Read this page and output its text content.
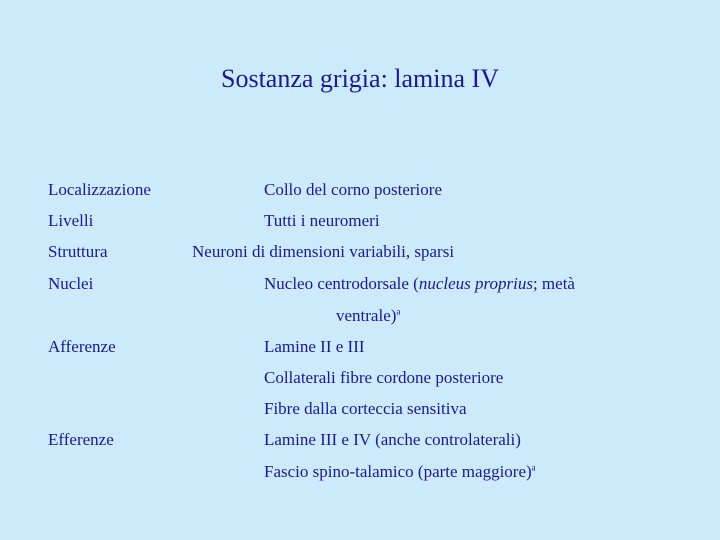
Sostanza grigia: lamina IV
Localizzazione	Collo del corno posteriore
Livelli	Tutti i neuromeri
Struttura	Neuroni di dimensioni variabili, sparsi
Nuclei	Nucleo centrodorsale (nucleus proprius; metà
ventrale)$^a$
Afferenze	Lamine II e III
Collaterali fibre cordone posteriore
Fibre dalla corteccia sensitiva
Efferenze	Lamine III e IV (anche controlaterali)
Fascio spino-talamico (parte maggiore)$^a$
